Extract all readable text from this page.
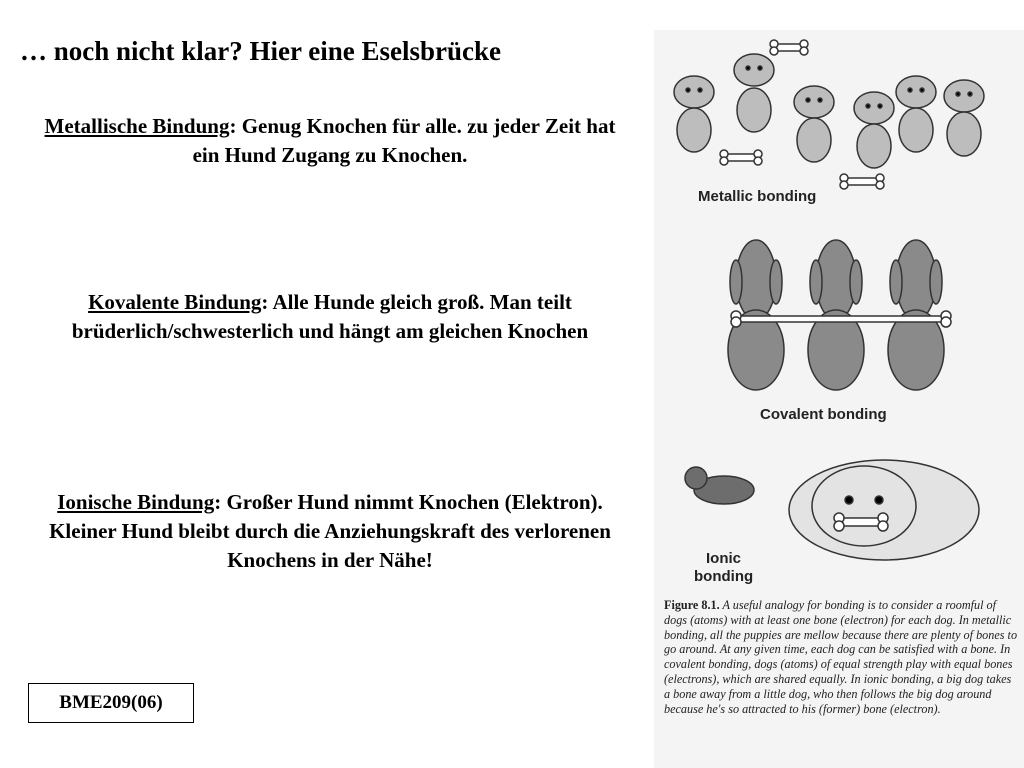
… noch nicht klar? Hier eine Eselsbrücke
Metallische Bindung: Genug Knochen für alle. zu jeder Zeit hat ein Hund Zugang zu Knochen.
Kovalente Bindung: Alle Hunde gleich groß. Man teilt brüderlich/schwesterlich und hängt am gleichen Knochen
Ionische Bindung: Großer Hund nimmt Knochen (Elektron). Kleiner Hund bleibt durch die Anziehungskraft des verlorenen Knochens in der Nähe!
BME209(06)
Metallic bonding
Covalent bonding
Ionic
bonding
Figure 8.1. A useful analogy for bonding is to consider a roomful of dogs (atoms) with at least one bone (electron) for each dog. In metallic bonding, all the puppies are mellow because there are plenty of bones to go around. At any given time, each dog can be satisfied with a bone. In covalent bonding, dogs (atoms) of equal strength play with equal bones (electrons), which are shared equally. In ionic bonding, a big dog takes a bone away from a little dog, who then follows the big dog around because he's so attracted to his (former) bone (electron).
